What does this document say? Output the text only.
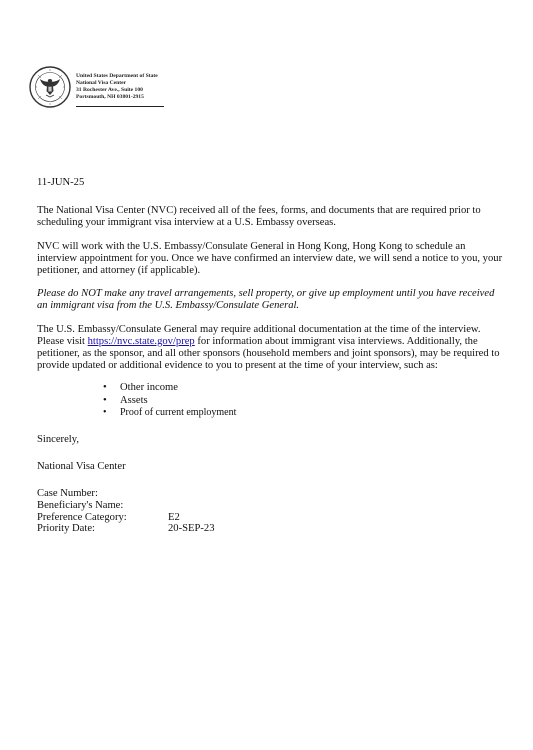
United States Department of State
National Visa Center
31 Rochester Ave., Suite 100
Portsmouth, NH 03801-2915

11-JUN-25

The National Visa Center (NVC) received all of the fees, forms, and documents that are required prior to scheduling your immigrant visa interview at a U.S. Embassy overseas.

NVC will work with the U.S. Embassy/Consulate General in Hong Kong, Hong Kong to schedule an interview appointment for you. Once we have confirmed an interview date, we will send a notice to you, your petitioner, and attorney (if applicable).

Please do NOT make any travel arrangements, sell property, or give up employment until you have received an immigrant visa from the U.S. Embassy/Consulate General.

The U.S. Embassy/Consulate General may require additional documentation at the time of the interview. Please visit https://nvc.state.gov/prep for information about immigrant visa interviews. Additionally, the petitioner, as the sponsor, and all other sponsors (household members and joint sponsors), may be required to provide updated or additional evidence to you to present at the time of your interview, such as:

• Other income
• Assets
• Proof of current employment

Sincerely,

National Visa Center

Case Number:	
Beneficiary's Name:	
Preference Category:	E2
Priority Date:	20-SEP-23
